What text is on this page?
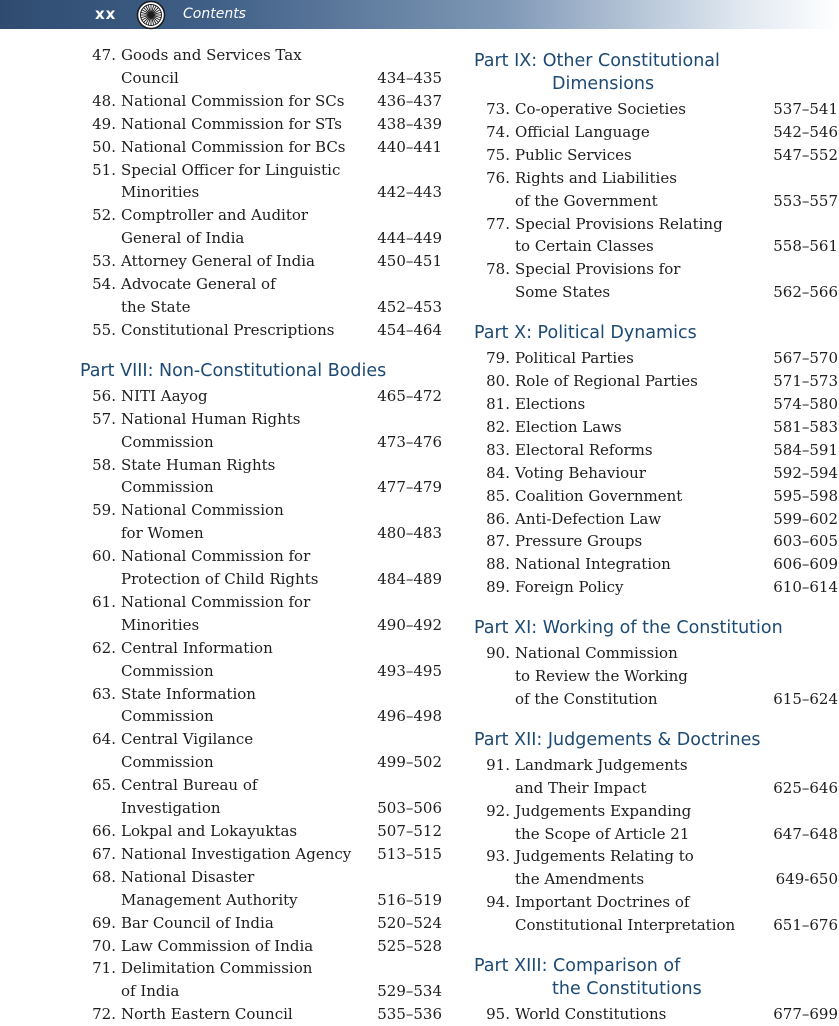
xx	Contents
47. Goods and Services Tax
Council	434–435
48. National Commission for SCs	436–437
49. National Commission for STs	438–439
50. National Commission for BCs	440–441
51. Special Officer for Linguistic
Minorities	442–443
52. Comptroller and Auditor
General of India	444–449
53. Attorney General of India	450–451
54. Advocate General of
the State	452–453
55. Constitutional Prescriptions	454–464
Part VIII: Non-Constitutional Bodies
56. NITI Aayog	465–472
57. National Human Rights
Commission	473–476
58. State Human Rights
Commission	477–479
59. National Commission
for Women	480–483
60. National Commission for
Protection of Child Rights	484–489
61. National Commission for
Minorities	490–492
62. Central Information
Commission	493–495
63. State Information
Commission	496–498
64. Central Vigilance
Commission	499–502
65. Central Bureau of
Investigation	503–506
66. Lokpal and Lokayuktas	507–512
67. National Investigation Agency	513–515
68. National Disaster
Management Authority	516–519
69. Bar Council of India	520–524
70. Law Commission of India	525–528
71. Delimitation Commission
of India	529–534
72. North Eastern Council	535–536
Part IX: Other Constitutional
Dimensions
73. Co-operative Societies	537–541
74. Official Language	542–546
75. Public Services	547–552
76. Rights and Liabilities
of the Government	553–557
77. Special Provisions Relating
to Certain Classes	558–561
78. Special Provisions for
Some States	562–566
Part X: Political Dynamics
79. Political Parties	567–570
80. Role of Regional Parties	571–573
81. Elections	574–580
82. Election Laws	581–583
83. Electoral Reforms	584–591
84. Voting Behaviour	592–594
85. Coalition Government	595–598
86. Anti-Defection Law	599–602
87. Pressure Groups	603–605
88. National Integration	606–609
89. Foreign Policy	610–614
Part XI: Working of the Constitution
90. National Commission
to Review the Working
of the Constitution	615–624
Part XII: Judgements & Doctrines
91. Landmark Judgements
and Their Impact	625–646
92. Judgements Expanding
the Scope of Article 21	647–648
93. Judgements Relating to
the Amendments	649-650
94. Important Doctrines of
Constitutional Interpretation	651–676
Part XIII: Comparison of
the Constitutions
95. World Constitutions	677–699
